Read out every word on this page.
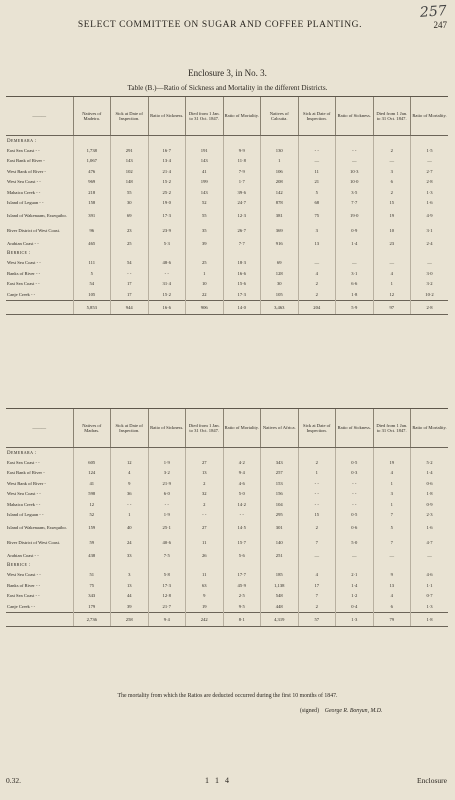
257
SELECT COMMITTEE ON SUGAR AND COFFEE PLANTING.	247
Enclosure 3, in No. 3.
Table (B.)—Ratio of Sickness and Mortality in the different Districts.
———	Natives of Madeira.	Sick at Date of Inspection.	Ratio of Sickness.	Died from 1 Jan. to 31 Oct. 1847.	Ratio of Mortality.	Natives of Calcutta.	Sick at Date of Inspection.	Ratio of Sickness.	Died from 1 Jan. to 31 Oct. 1847.	Ratio of Mortality.
Demerara :										
East Sea Coast - -	1,738	291	16·7	191	9·9	130	- -	- -	2	1·5
East Bank of River -	1,067	143	13·4	143	11·8	1	—	—	—	—
West Bank of River -	476	102	21·4	41	7·9	106	11	10·3	3	2·7
West Sea Coast - -	969	148	15·2	199	1·7	208	21	10·0	6	2·8
Mahaica Creek - -	218	55	25·2	143	39·6	142	5	3·5	2	1·3
Island of Leguan - -	158	30	19·0	52	24·7	878	68	7·7	15	1·6
Island of Wakenaam, Essequibo.	391	69	17·3	55	12·3	381	75	19·0	19	4·9
River District of West Coast.	96	23	23·9	35	26·7	369	3	0·9	10	3·1
Arabian Coast - -	465	25	5·3	39	7·7	916	13	1·4	23	2·4
Berbice :										
West Sea Coast - -	111	54	48·6	25	18·3	69	—	—	—	—
Banks of River - -	5	- -	- -	1	16·6	128	4	3·1	4	3·0
East Sea Coast - -	54	17	31·4	10	15·6	30	2	6·6	1	3·2
Canje Creek - -	105	17	15·2	22	17·3	105	2	1·8	12	10·2
	5,853	944	16·6	906	14·0	3,463	204	5·9	97	2·8
———	Natives of Madras.	Sick at Date of Inspection.	Ratio of Sickness.	Died from 1 Jan. to 31 Oct. 1847.	Ratio of Mortality.	Natives of Africa.	Sick at Date of Inspection.	Ratio of Sickness.	Died from 1 Jan. to 31 Oct. 1847.	Ratio of Mortality.
Demerara :										
East Sea Coast - -	605	12	1·9	27	4·2	343	2	0·5	19	5·2
East Bank of River -	124	4	3·2	13	9·4	257	1	0·3	4	1·4
West Bank of River -	41	9	21·9	2	4·6	153	- -	- -	1	0·6
West Sea Coast - -	598	36	6·0	32	5·0	156	- -	- -	3	1·8
Mahaica Creek - -	12	- -	- -	2	14·2	104	- -	- -	1	0·9
Island of Leguan - -	52	1	1·9	- -	- -	295	15	0·5	7	2·3
Island of Wakenaam, Essequibo.	159	40	25·1	27	14·5	301	2	0·6	5	1·6
River District of West Coast.	59	24	40·6	11	15·7	140	7	5·0	7	4·7
Arabian Coast - -	438	33	7·5	26	5·6	251	—	—	—	—
Berbice :										
West Sea Coast - -	51	3	5·8	11	17·7	185	4	2·1	9	4·6
Banks of River - -	75	13	17·3	63	45·9	1,138	17	1·4	13	1·1
East Sea Coast - -	343	44	12·8	9	2·5	548	7	1·2	4	0·7
Canje Creek - -	179	39	21·7	19	9·5	448	2	0·4	6	1·3
	2,736	258	9·4	242	8·1	4,319	57	1·3	79	1·8
The mortality from which the Ratios are deducted occurred during the first 10 months of 1847.
(signed) George R. Bonyun, M.D.
0.32.	1 1 4	Enclosure
